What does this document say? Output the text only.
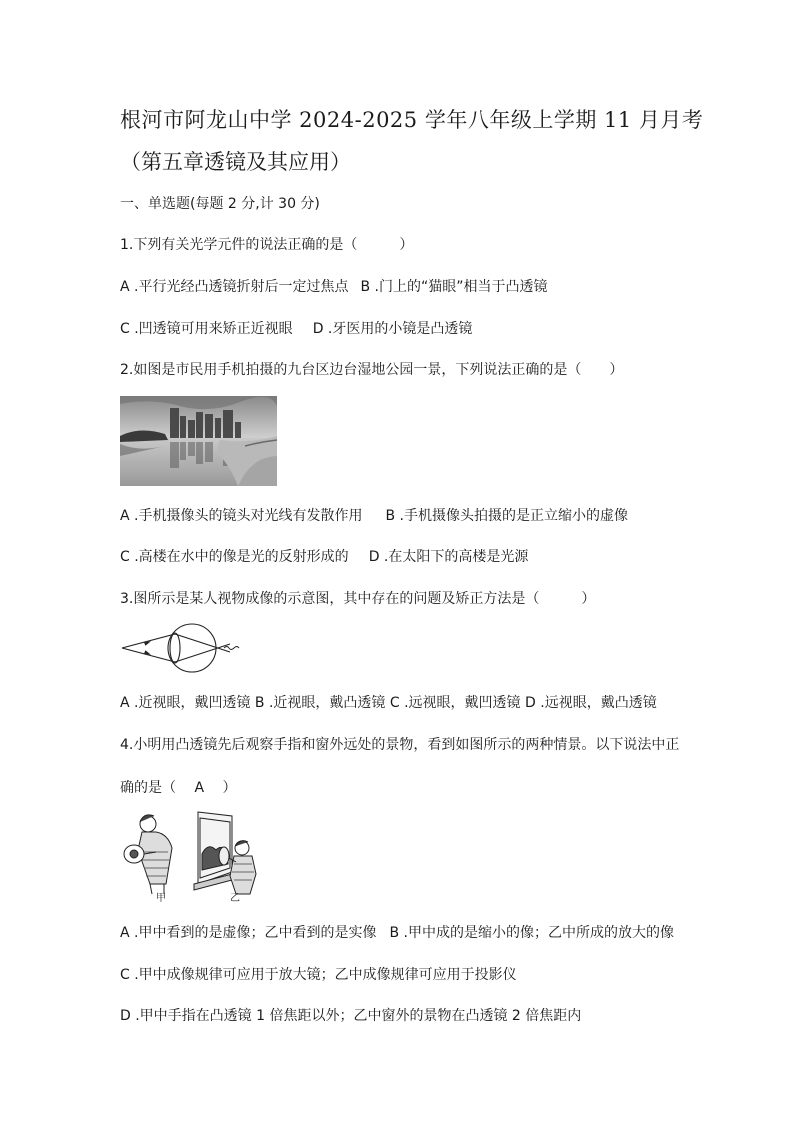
根河市阿龙山中学 2024-2025 学年八年级上学期 11 月月考
（第五章透镜及其应用）
一、单选题(每题 2 分,计 30 分)
1.下列有关光学元件的说法正确的是（　　　）
A .平行光经凸透镜折射后一定过焦点 B .门上的“猫眼”相当于凸透镜
C .凹透镜可用来矫正近视眼 D .牙医用的小镜是凸透镜
2.如图是市民用手机拍摄的九台区边台湿地公园一景，下列说法正确的是（　　）
A .手机摄像头的镜头对光线有发散作用 B .手机摄像头拍摄的是正立缩小的虚像
C .高楼在水中的像是光的反射形成的 D .在太阳下的高楼是光源
3.图所示是某人视物成像的示意图，其中存在的问题及矫正方法是（　　　）
A .近视眼，戴凹透镜 B .近视眼，戴凸透镜 C .远视眼，戴凹透镜 D .远视眼，戴凸透镜
4.小明用凸透镜先后观察手指和窗外远处的景物，看到如图所示的两种情景。以下说法中正
确的是（　 A 　）
甲	乙
A .甲中看到的是虚像；乙中看到的是实像 B .甲中成的是缩小的像；乙中所成的放大的像
C .甲中成像规律可应用于放大镜；乙中成像规律可应用于投影仪
D .甲中手指在凸透镜 1 倍焦距以外；乙中窗外的景物在凸透镜 2 倍焦距内
